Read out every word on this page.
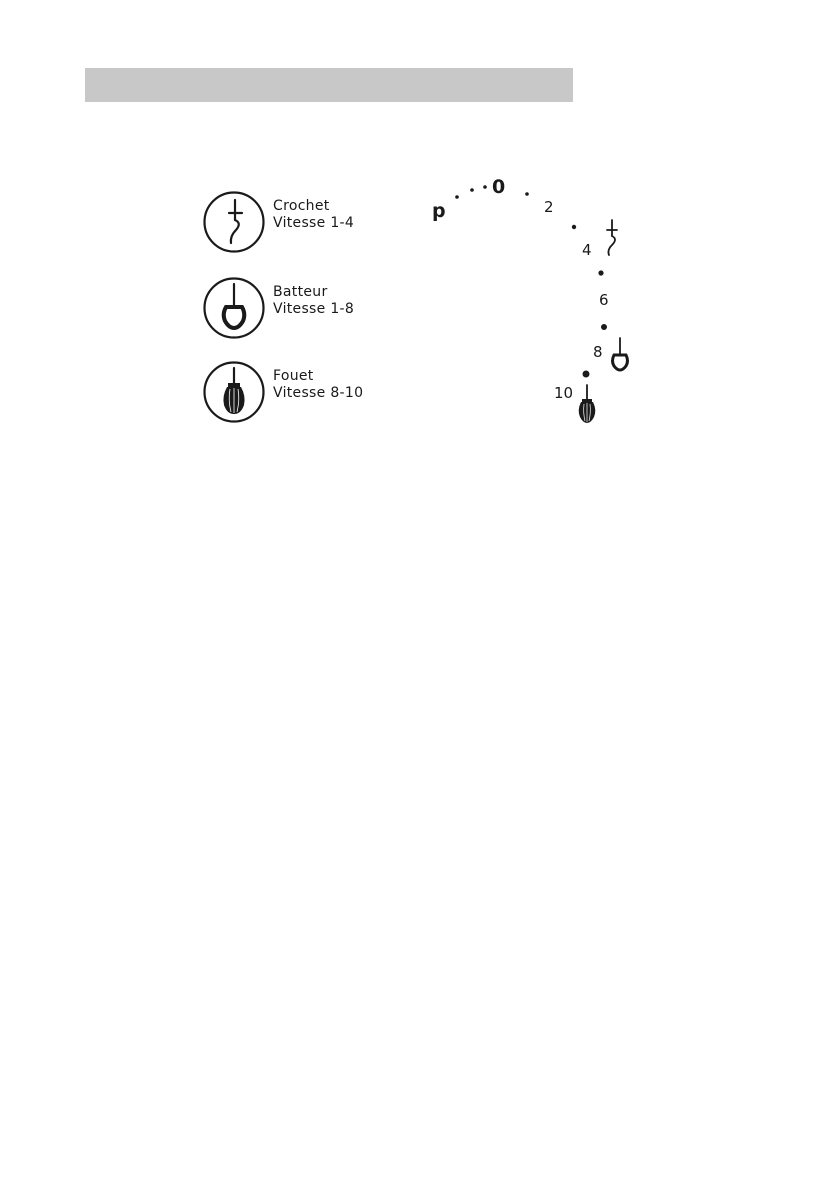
Crochet
Vitesse 1-4
Batteur
Vitesse 1-8
Fouet
Vitesse 8-10
p
0
2
4
6
8
10
